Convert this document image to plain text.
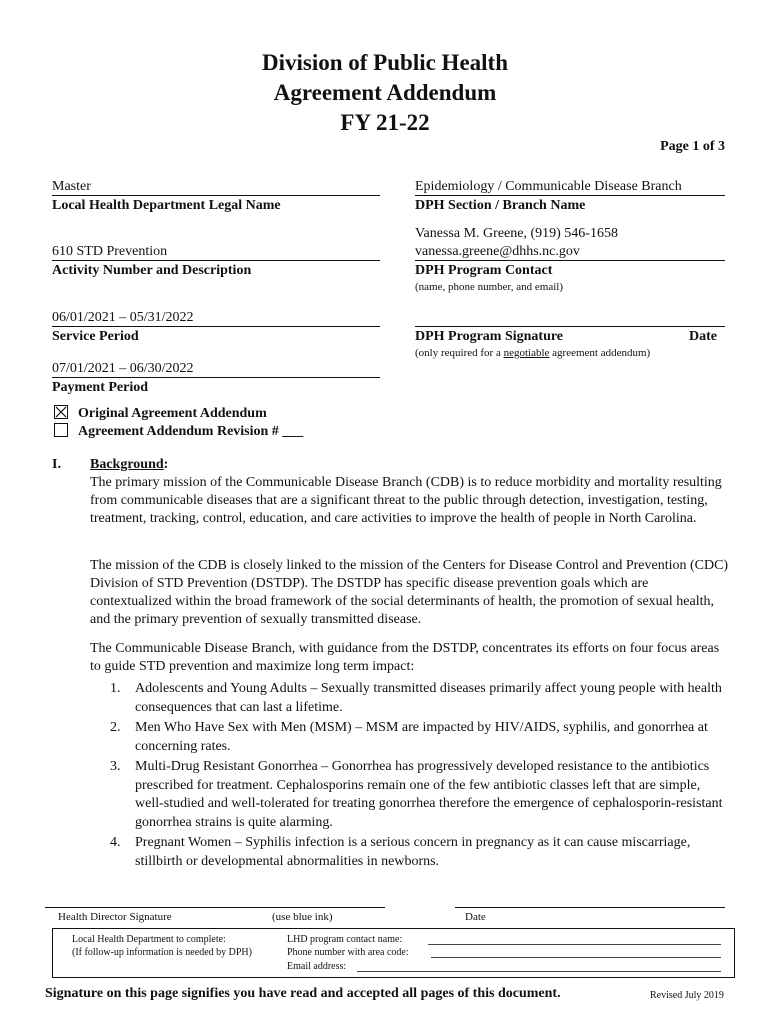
Division of Public Health
Agreement Addendum
FY 21-22
Page 1 of 3
Master
Local Health Department Legal Name
610 STD Prevention
Activity Number and Description
06/01/2021 – 05/31/2022
Service Period
07/01/2021 – 06/30/2022
Payment Period
Epidemiology / Communicable Disease Branch
DPH Section / Branch Name
Vanessa M. Greene, (919) 546-1658
vanessa.greene@dhhs.nc.gov
DPH Program Contact
(name, phone number, and email)
DPH Program Signature	Date
(only required for a negotiable agreement addendum)
Original Agreement Addendum
Agreement Addendum Revision # ___
I. Background:
The primary mission of the Communicable Disease Branch (CDB) is to reduce morbidity and mortality resulting from communicable diseases that are a significant threat to the public through detection, investigation, testing, treatment, tracking, control, education, and care activities to improve the health of people in North Carolina.
The mission of the CDB is closely linked to the mission of the Centers for Disease Control and Prevention (CDC) Division of STD Prevention (DSTDP). The DSTDP has specific disease prevention goals which are contextualized within the broad framework of the social determinants of health, the promotion of sexual health, and the primary prevention of sexually transmitted disease.
The Communicable Disease Branch, with guidance from the DSTDP, concentrates its efforts on four focus areas to guide STD prevention and maximize long term impact:
1.	Adolescents and Young Adults – Sexually transmitted diseases primarily affect young people with health consequences that can last a lifetime.
2.	Men Who Have Sex with Men (MSM) – MSM are impacted by HIV/AIDS, syphilis, and gonorrhea at concerning rates.
3.	Multi-Drug Resistant Gonorrhea – Gonorrhea has progressively developed resistance to the antibiotics prescribed for treatment. Cephalosporins remain one of the few antibiotic classes left that are simple, well-studied and well-tolerated for treating gonorrhea therefore the emergence of cephalosporin-resistant gonorrhea strains is quite alarming.
4.	Pregnant Women – Syphilis infection is a serious concern in pregnancy as it can cause miscarriage, stillbirth or developmental abnormalities in newborns.
Health Director Signature	(use blue ink)	Date
Local Health Department to complete:
(If follow-up information is needed by DPH)
LHD program contact name:
Phone number with area code:
Email address:
Signature on this page signifies you have read and accepted all pages of this document.	Revised July 2019
